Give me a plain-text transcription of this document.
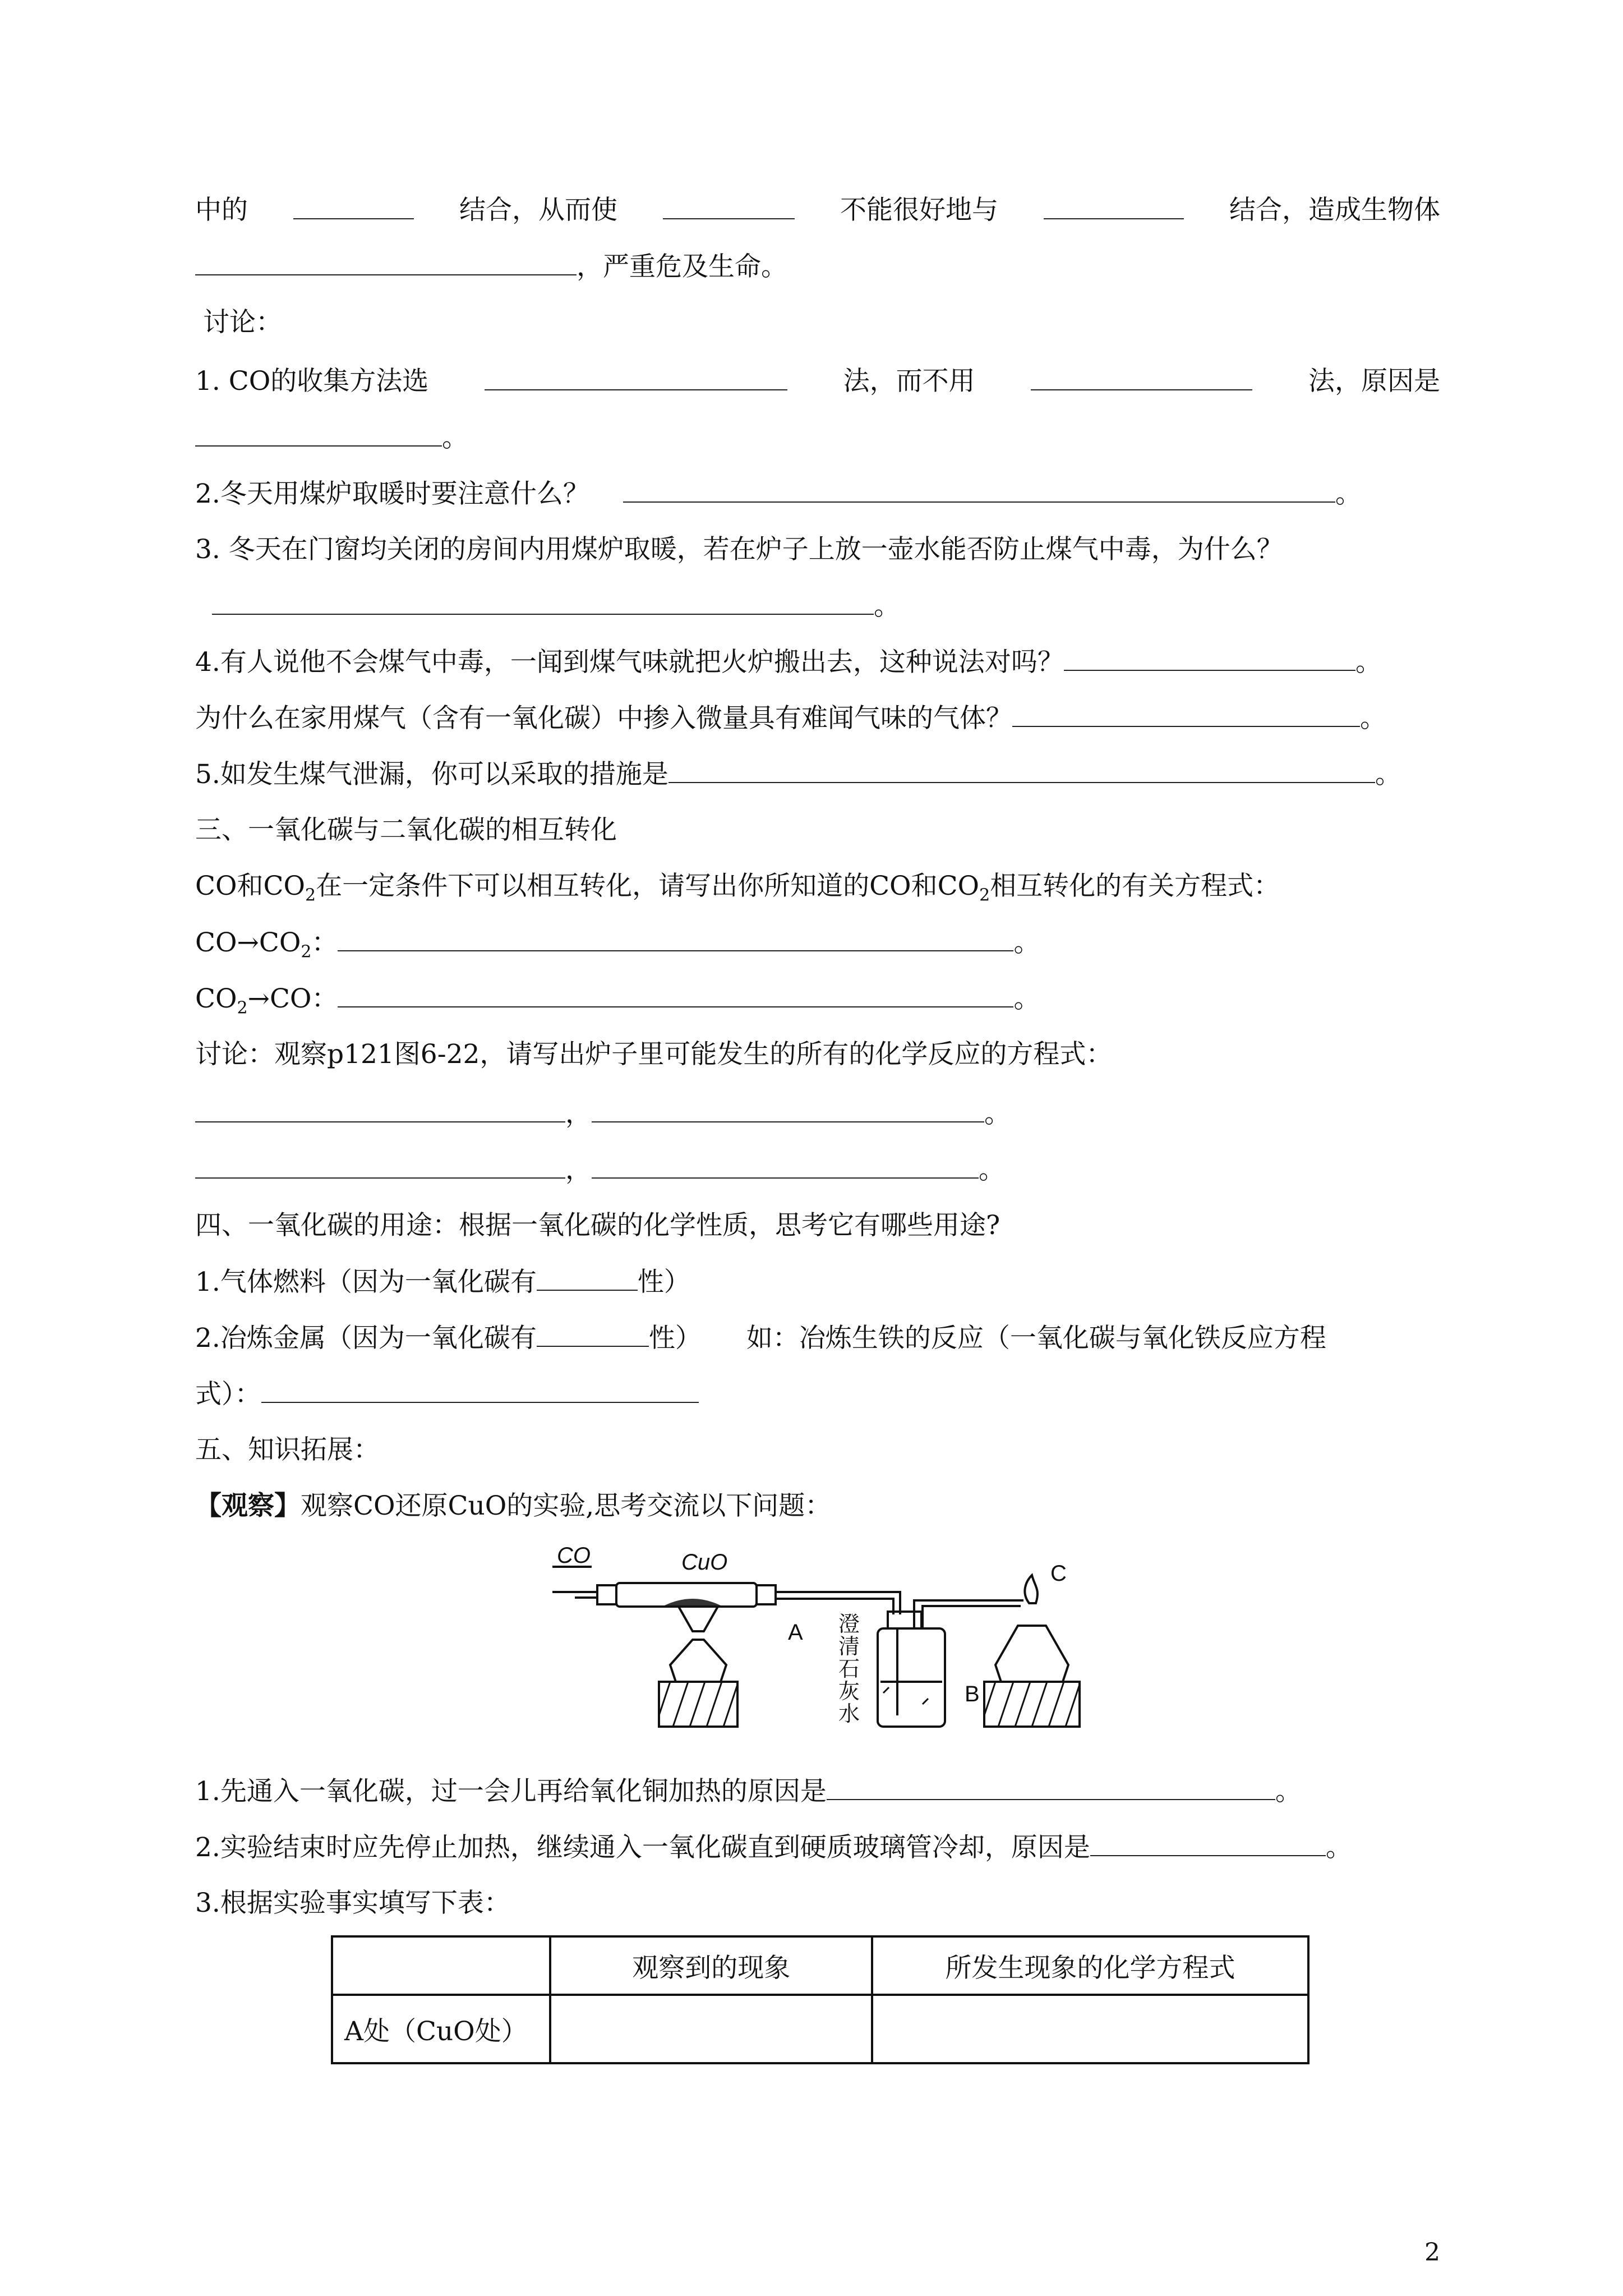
中的	结合，从而使	不能很好地与	结合，造成生物体
，严重危及生命。
讨论：
1. CO的收集方法选	法，而不用	法，原因是
。
2.冬天用煤炉取暖时要注意什么？	。
3. 冬天在门窗均关闭的房间内用煤炉取暖，若在炉子上放一壶水能否防止煤气中毒，为什么？
。
4.有人说他不会煤气中毒，一闻到煤气味就把火炉搬出去，这种说法对吗？	。
为什么在家用煤气（含有一氧化碳）中掺入微量具有难闻气味的气体？	。
5.如发生煤气泄漏，你可以采取的措施是	。
三、一氧化碳与二氧化碳的相互转化
CO和$CO_2$在一定条件下可以相互转化，请写出你所知道的CO和$CO_2$相互转化的有关方程式：
$CO\to CO_2$：	。
$CO_2\to CO$：	。
讨论：观察p121图6-22，请写出炉子里可能发生的所有的化学反应的方程式：
，	。
，	。
四、一氧化碳的用途：根据一氧化碳的化学性质，思考它有哪些用途?
1.气体燃料（因为一氧化碳有	性）
2.冶炼金属（因为一氧化碳有	性） 如：冶炼生铁的反应（一氧化碳与氧化铁反应方程
式）：
五、知识拓展：
【观察】观察CO还原CuO的实验,思考交流以下问题：
CO	CuO
A
B
C
澄
清
石
灰
水
1.先通入一氧化碳，过一会儿再给氧化铜加热的原因是	。
2.实验结束时应先停止加热，继续通入一氧化碳直到硬质玻璃管冷却，原因是	。
3.根据实验事实填写下表：
	观察到的现象	所发生现象的化学方程式
A处（CuO处）		
2
